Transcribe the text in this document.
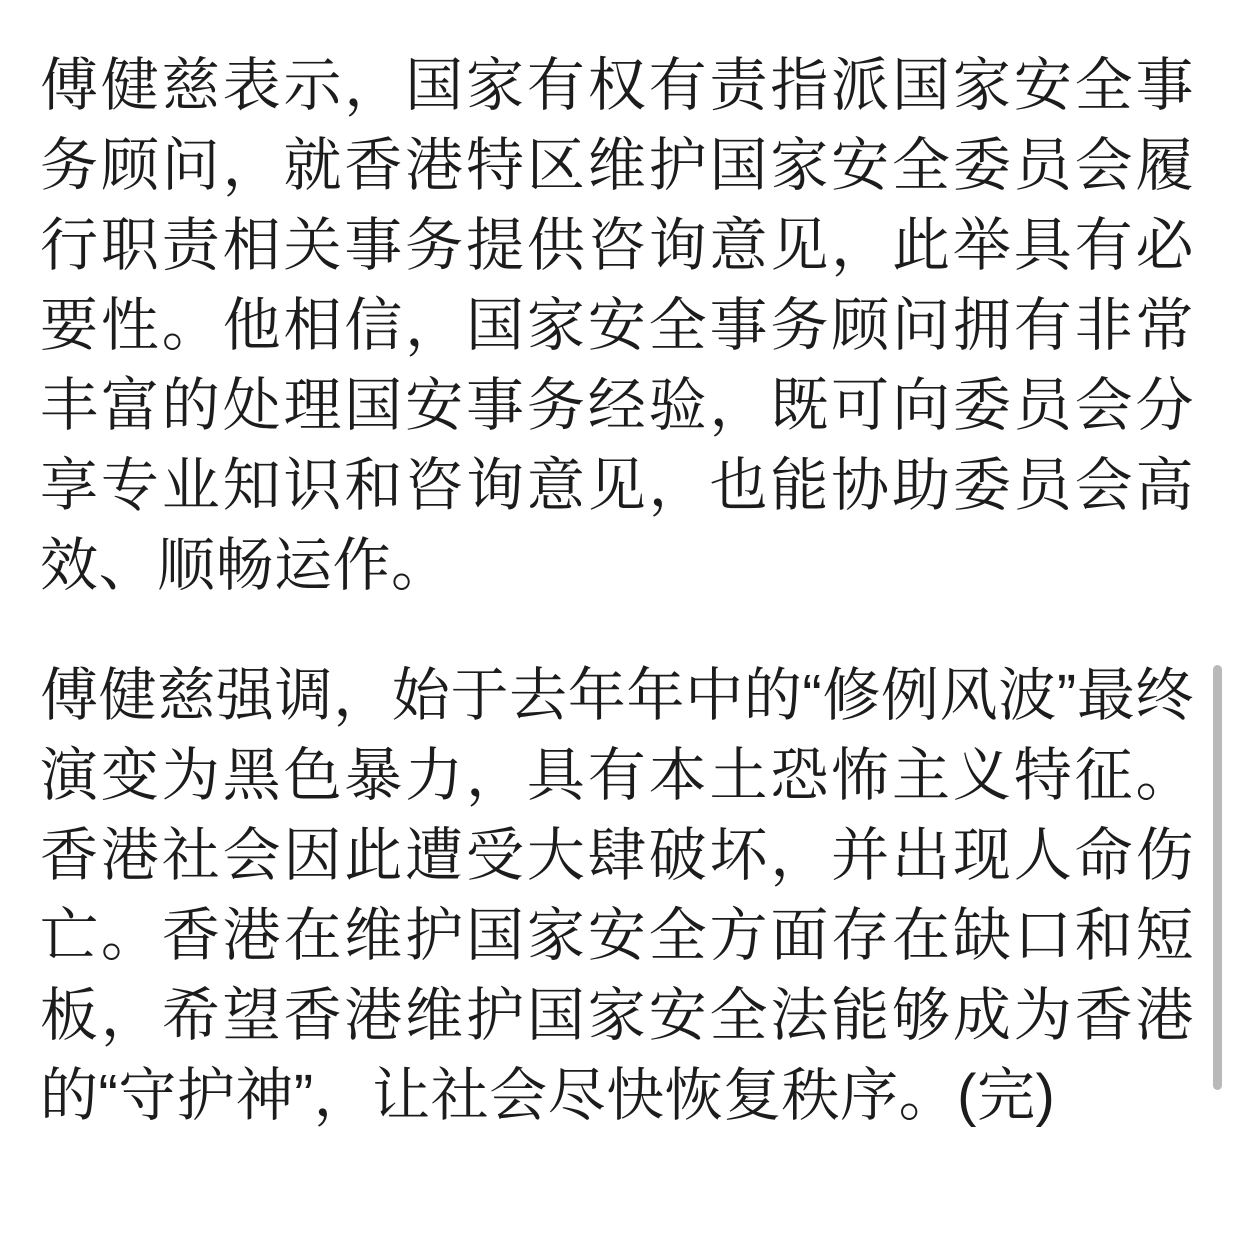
傅健慈表示，国家有权有责指派国家安全事务顾问，就香港特区维护国家安全委员会履行职责相关事务提供咨询意见，此举具有必要性。他相信，国家安全事务顾问拥有非常丰富的处理国安事务经验，既可向委员会分享专业知识和咨询意见，也能协助委员会高效、顺畅运作。

傅健慈强调，始于去年年中的“修例风波”最终演变为黑色暴力，具有本土恐怖主义特征。香港社会因此遭受大肆破坏，并出现人命伤亡。香港在维护国家安全方面存在缺口和短板，希望香港维护国家安全法能够成为香港的“守护神”，让社会尽快恢复秩序。(完)
